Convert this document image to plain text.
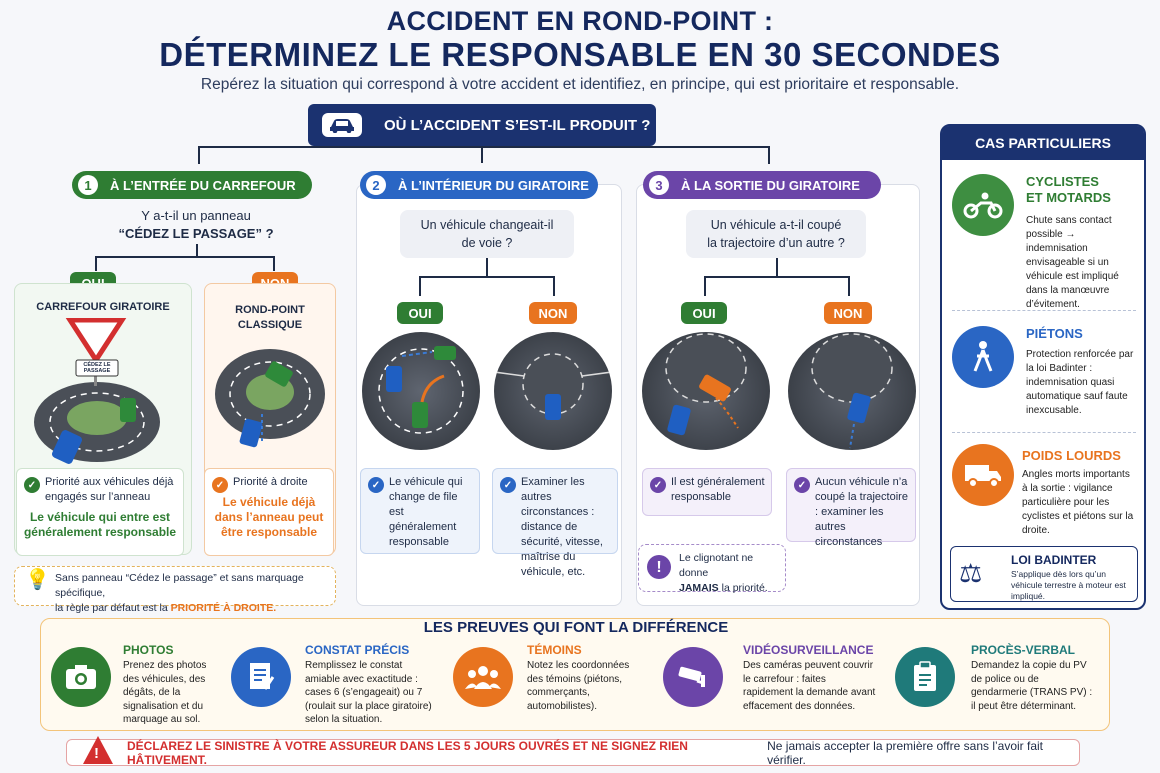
ACCIDENT EN ROND-POINT :
DÉTERMINEZ LE RESPONSABLE EN 30 SECONDES
Repérez la situation qui correspond à votre accident et identifiez, en principe, qui est prioritaire et responsable.
OÙ L’ACCIDENT S’EST-IL PRODUIT ?
1	À L’ENTRÉE DU CARREFOUR
Y a-t-il un panneau
“CÉDEZ LE PASSAGE” ?
CARREFOUR GIRATOIRE	ROND-POINT
CLASSIQUE
CÉDEZ LE PASSAGE
✓ Priorité aux véhicules déjà engagés sur l’anneau
Le véhicule qui entre est généralement responsable
✓ Priorité à droite
Le véhicule déjà dans l’anneau peut être responsable
💡 Sans panneau “Cédez le passage” et sans marquage spécifique,
la règle par défaut est la PRIORITÉ À DROITE.
2	À L’INTÉRIEUR DU GIRATOIRE
Un véhicule changeait-il
de voie ?
OUI	NON
✓ Le véhicule qui change de file est généralement responsable
✓ Examiner les autres circonstances : distance de sécurité, vitesse, maîtrise du véhicule, etc.
3	À LA SORTIE DU GIRATOIRE
Un véhicule a-t-il coupé
la trajectoire d’un autre ?
OUI	NON
✓ Il est généralement responsable
✓ Aucun véhicule n’a coupé la trajectoire : examiner les autres circonstances
!
Le clignotant ne donne
JAMAIS la priorité.
CAS PARTICULIERS
CYCLISTES
ET MOTARDS
Chute sans contact possible → indemnisation envisageable si un véhicule est impliqué dans la manœuvre d’évitement.
PIÉTONS
Protection renforcée par la loi Badinter : indemnisation quasi automatique sauf faute inexcusable.
POIDS LOURDS
Angles morts importants à la sortie : vigilance particulière pour les cyclistes et piétons sur la droite.
⚖ LOI BADINTER
S’applique dès lors qu’un véhicule terrestre à moteur est impliqué.
LES PREUVES QUI FONT LA DIFFÉRENCE
PHOTOS
Prenez des photos des véhicules, des dégâts, de la signalisation et du marquage au sol.
CONSTAT PRÉCIS
Remplissez le constat amiable avec exactitude : cases 6 (s’engageait) ou 7 (roulait sur la place giratoire) selon la situation.
TÉMOINS
Notez les coordonnées des témoins (piétons, commerçants, automobilistes).
VIDÉOSURVEILLANCE
Des caméras peuvent couvrir le carrefour : faites rapidement la demande avant effacement des données.
PROCÈS-VERBAL
Demandez la copie du PV de police ou de gendarmerie (TRANS PV) : il peut être déterminant.
! DÉCLAREZ LE SINISTRE À VOTRE ASSUREUR DANS LES 5 JOURS OUVRÉS ET NE SIGNEZ RIEN HÂTIVEMENT.
Ne jamais accepter la première offre sans l’avoir fait vérifier.
